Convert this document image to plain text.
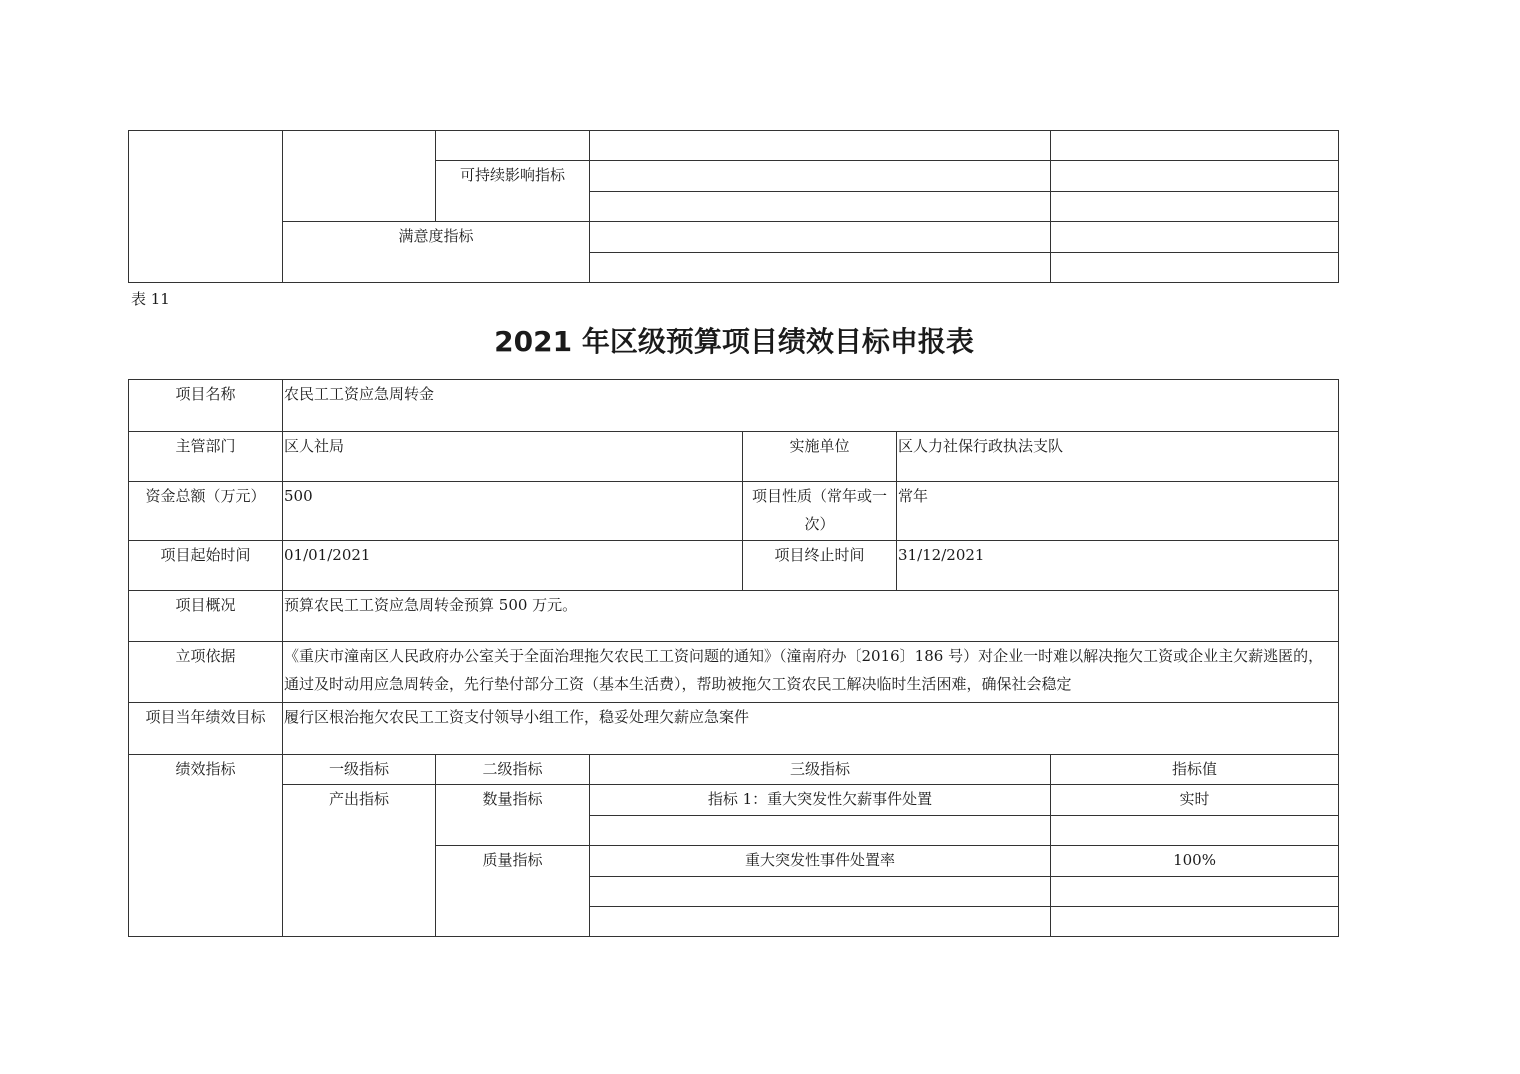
		可持续影响指标		

	满意度指标			

表 11
2021 年区级预算项目绩效目标申报表
项目名称	农民工工资应急周转金					
主管部门	区人社局			实施单位	区人力社保行政执法支队	
资金总额（万元）	500			项目性质（常年或一次）	常年	
项目起始时间	01/01/2021			项目终止时间	31/12/2021	
项目概况	预算农民工工资应急周转金预算 500 万元。					
立项依据	《重庆市潼南区人民政府办公室关于全面治理拖欠农民工工资问题的通知》（潼南府办〔2016〕186 号）对企业一时难以解决拖欠工资或企业主欠薪逃匿的，通过及时动用应急周转金，先行垫付部分工资（基本生活费），帮助被拖欠工资农民工解决临时生活困难，确保社会稳定					
项目当年绩效目标	履行区根治拖欠农民工工资支付领导小组工作，稳妥处理欠薪应急案件					
绩效指标	一级指标	二级指标	三级指标			指标值
	产出指标	数量指标	指标 1：重大突发性欠薪事件处置			实时

		质量指标	重大突发性事件处置率			100%
